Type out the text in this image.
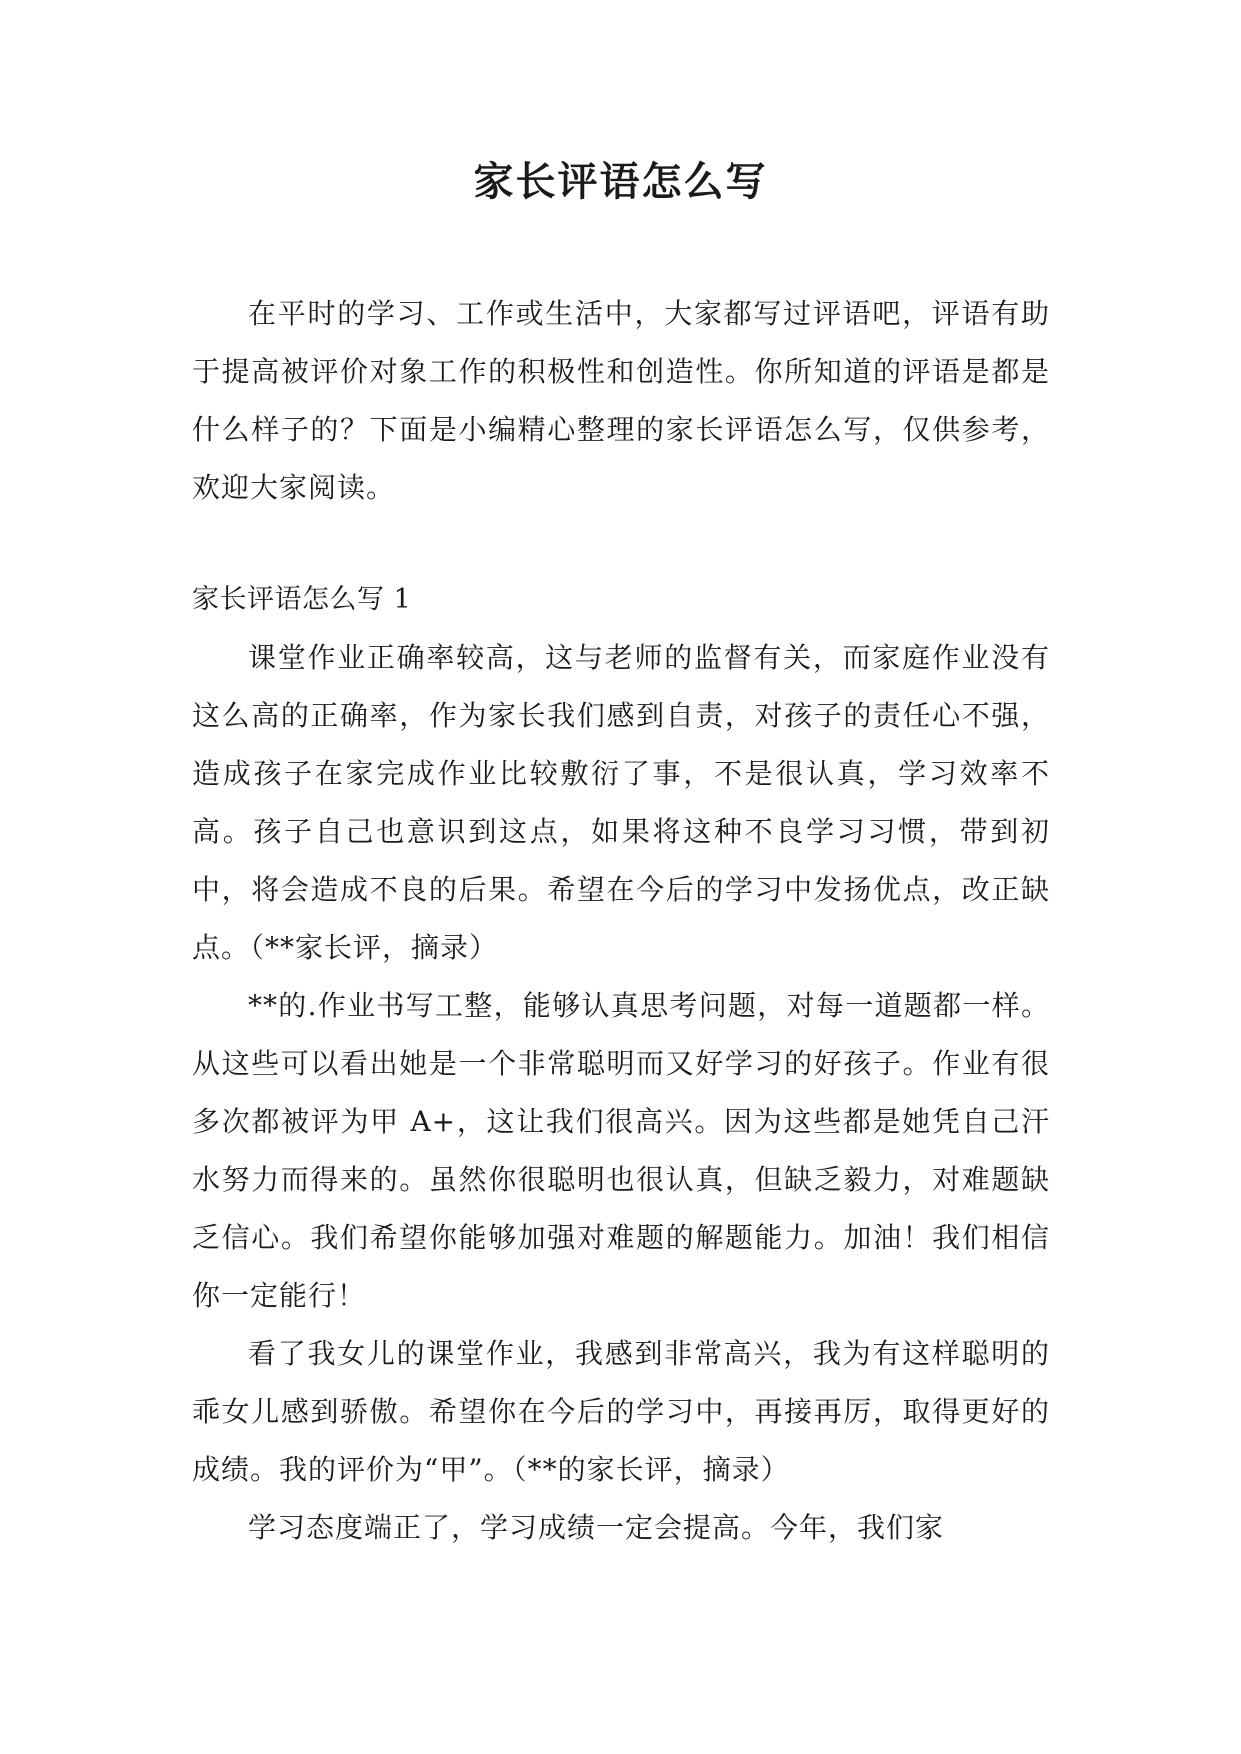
家长评语怎么写

在平时的学习、工作或生活中，大家都写过评语吧，评语有助于提高被评价对象工作的积极性和创造性。你所知道的评语是都是什么样子的？下面是小编精心整理的家长评语怎么写，仅供参考，欢迎大家阅读。

家长评语怎么写 1

课堂作业正确率较高，这与老师的监督有关，而家庭作业没有这么高的正确率，作为家长我们感到自责，对孩子的责任心不强，造成孩子在家完成作业比较敷衍了事，不是很认真，学习效率不高。孩子自己也意识到这点，如果将这种不良学习习惯，带到初中，将会造成不良的后果。希望在今后的学习中发扬优点，改正缺点。（**家长评，摘录）

**的.作业书写工整，能够认真思考问题，对每一道题都一样。从这些可以看出她是一个非常聪明而又好学习的好孩子。作业有很多次都被评为甲 A+，这让我们很高兴。因为这些都是她凭自己汗水努力而得来的。虽然你很聪明也很认真，但缺乏毅力，对难题缺乏信心。我们希望你能够加强对难题的解题能力。加油！我们相信你一定能行！

看了我女儿的课堂作业，我感到非常高兴，我为有这样聪明的乖女儿感到骄傲。希望你在今后的学习中，再接再厉，取得更好的成绩。我的评价为“甲”。（**的家长评，摘录）

学习态度端正了，学习成绩一定会提高。今年，我们家
